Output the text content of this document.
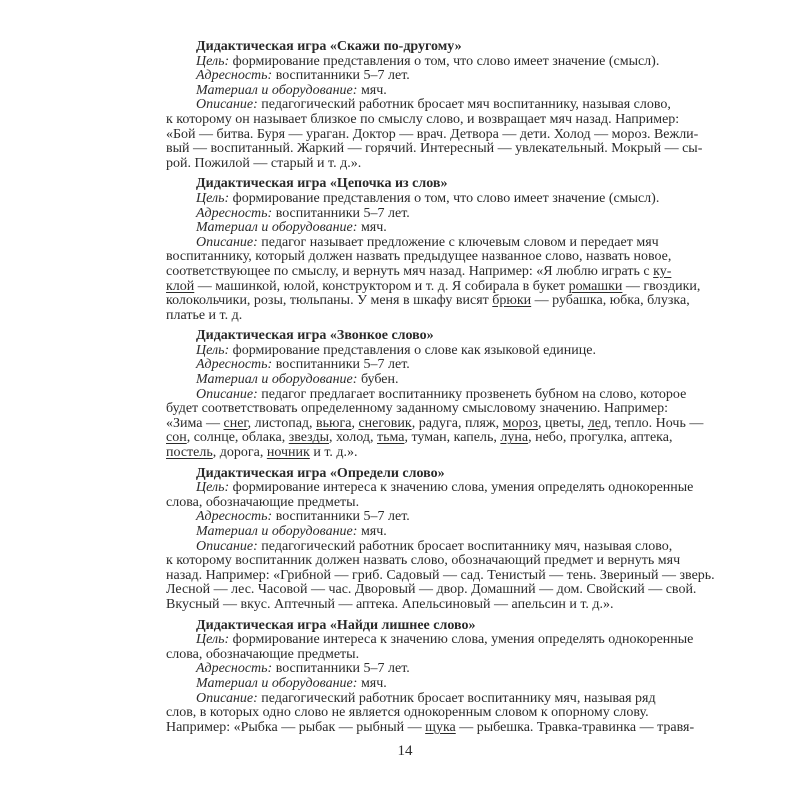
Дидактическая игра «Скажи по-другому»
Цель: формирование представления о том, что слово имеет значение (смысл).
Адресность: воспитанники 5–7 лет.
Материал и оборудование: мяч.
Описание: педагогический работник бросает мяч воспитаннику, называя слово,
к которому он называет близкое по смыслу слово, и возвращает мяч назад. Например:
«Бой — битва. Буря — ураган. Доктор — врач. Детвора — дети. Холод — мороз. Вежли-
вый — воспитанный. Жаркий — горячий. Интересный — увлекательный. Мокрый — сы-
рой. Пожилой — старый и т. д.».
Дидактическая игра «Цепочка из слов»
Цель: формирование представления о том, что слово имеет значение (смысл).
Адресность: воспитанники 5–7 лет.
Материал и оборудование: мяч.
Описание: педагог называет предложение с ключевым словом и передает мяч
воспитаннику, который должен назвать предыдущее названное слово, назвать новое,
соответствующее по смыслу, и вернуть мяч назад. Например: «Я люблю играть с ку-
клой — машинкой, юлой, конструктором и т. д. Я собирала в букет ромашки — гвоздики,
колокольчики, розы, тюльпаны. У меня в шкафу висят брюки — рубашка, юбка, блузка,
платье и т. д.
Дидактическая игра «Звонкое слово»
Цель: формирование представления о слове как языковой единице.
Адресность: воспитанники 5–7 лет.
Материал и оборудование: бубен.
Описание: педагог предлагает воспитаннику прозвенеть бубном на слово, которое
будет соответствовать определенному заданному смысловому значению. Например:
«Зима — снег, листопад, вьюга, снеговик, радуга, пляж, мороз, цветы, лед, тепло. Ночь —
сон, солнце, облака, звезды, холод, тьма, туман, капель, луна, небо, прогулка, аптека,
постель, дорога, ночник и т. д.».
Дидактическая игра «Определи слово»
Цель: формирование интереса к значению слова, умения определять однокоренные
слова, обозначающие предметы.
Адресность: воспитанники 5–7 лет.
Материал и оборудование: мяч.
Описание: педагогический работник бросает воспитаннику мяч, называя слово,
к которому воспитанник должен назвать слово, обозначающий предмет и вернуть мяч
назад. Например: «Грибной — гриб. Садовый — сад. Тенистый — тень. Звериный — зверь.
Лесной — лес. Часовой — час. Дворовый — двор. Домашний — дом. Свойский — свой.
Вкусный — вкус. Аптечный — аптека. Апельсиновый — апельсин и т. д.».
Дидактическая игра «Найди лишнее слово»
Цель: формирование интереса к значению слова, умения определять однокоренные
слова, обозначающие предметы.
Адресность: воспитанники 5–7 лет.
Материал и оборудование: мяч.
Описание: педагогический работник бросает воспитаннику мяч, называя ряд
слов, в которых одно слово не является однокоренным словом к опорному слову.
Например: «Рыбка — рыбак — рыбный — щука — рыбешка. Травка-травинка — травя-
14
